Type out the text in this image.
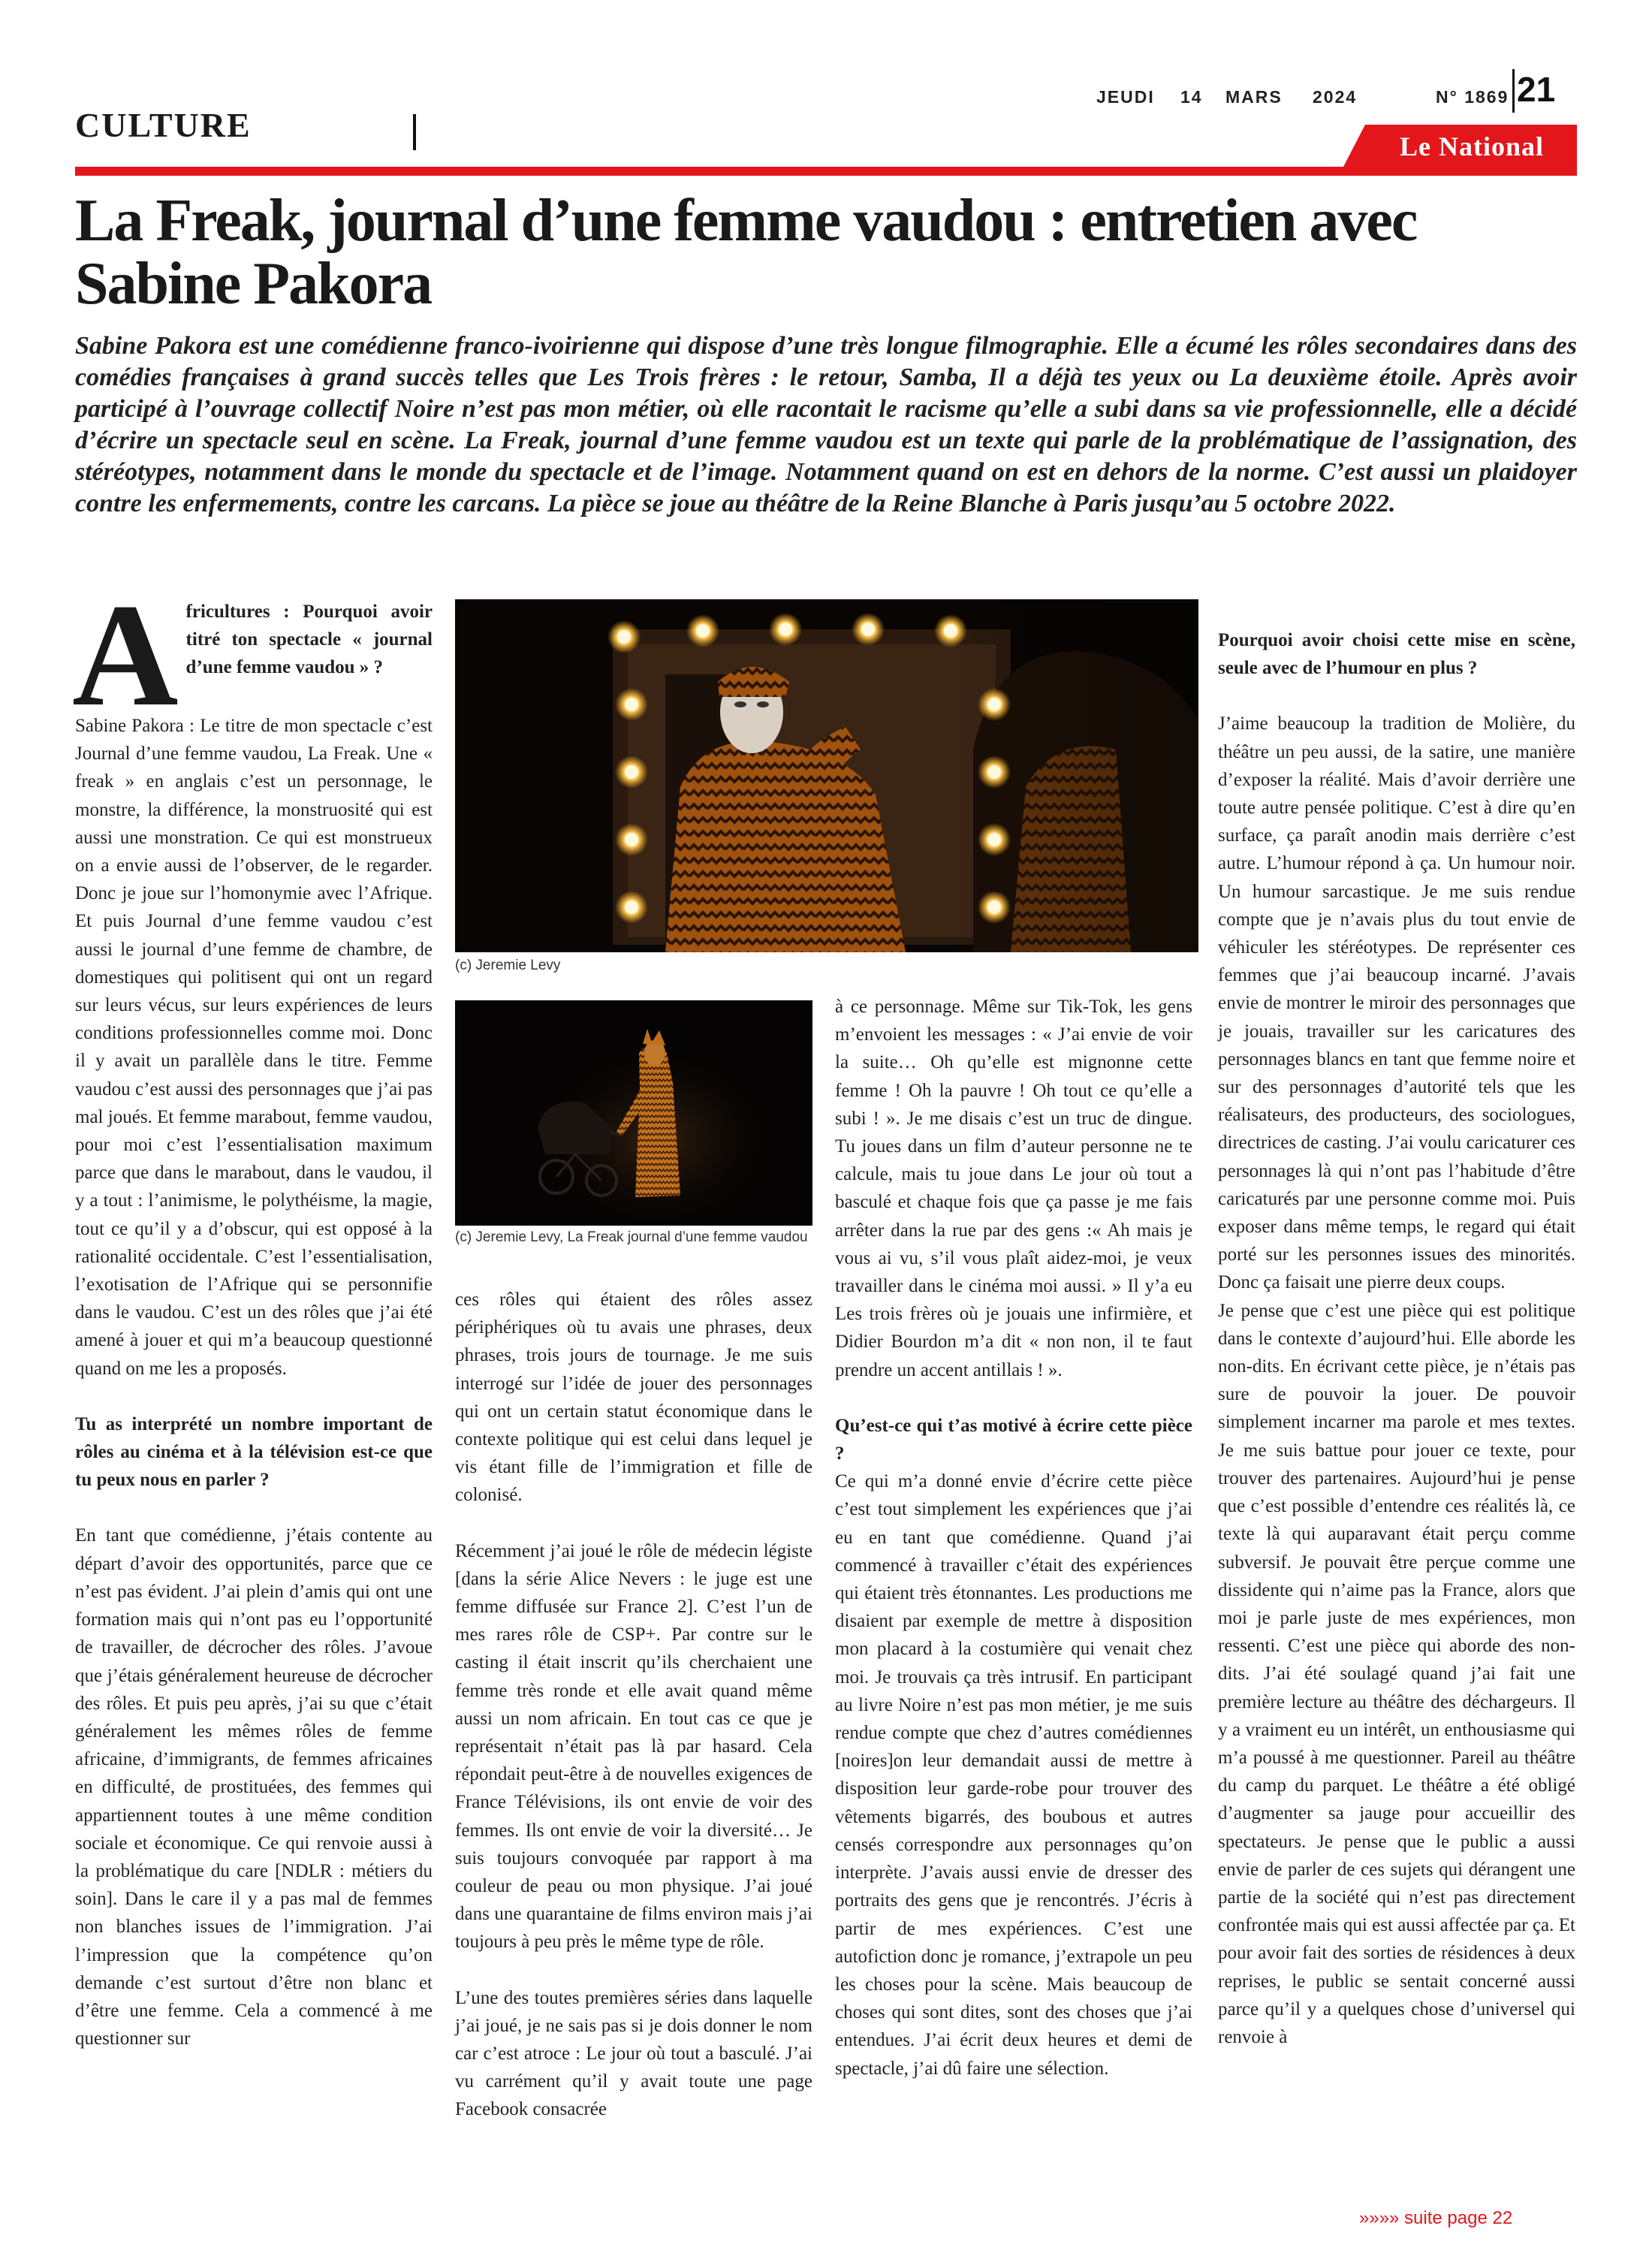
JEUDI 14 MARS 2024	N° 1869 21
CULTURE
Le National
La Freak, journal d’une femme vaudou : entretien avec Sabine Pakora

Sabine Pakora est une comédienne franco-ivoirienne qui dispose d’une très longue filmographie. Elle a écumé les rôles secondaires dans des comédies françaises à grand succès telles que Les Trois frères : le retour, Samba, Il a déjà tes yeux ou La deuxième étoile. Après avoir participé à l’ouvrage collectif Noire n’est pas mon métier, où elle racontait le racisme qu’elle a subi dans sa vie professionnelle, elle a décidé d’écrire un spectacle seul en scène. La Freak, journal d’une femme vaudou est un texte qui parle de la problématique de l’assignation, des stéréotypes, notamment dans le monde du spectacle et de l’image. Notamment quand on est en dehors de la norme. C’est aussi un plaidoyer contre les enfermements, contre les carcans. La pièce se joue au théâtre de la Reine Blanche à Paris jusqu’au 5 octobre 2022.

A fricultures : Pourquoi avoir titré ton spectacle « journal d’une femme vaudou » ?

Sabine Pakora : Le titre de mon spectacle c’est Journal d’une femme vaudou, La Freak. Une « freak » en anglais c’est un personnage, le monstre, la différence, la monstruosité qui est aussi une monstration. Ce qui est monstrueux on a envie aussi de l’observer, de le regarder. Donc je joue sur l’homonymie avec l’Afrique. Et puis Journal d’une femme vaudou c’est aussi le journal d’une femme de chambre, de domestiques qui politisent qui ont un regard sur leurs vécus, sur leurs expériences de leurs conditions professionnelles comme moi. Donc il y avait un parallèle dans le titre. Femme vaudou c’est aussi des personnages que j’ai pas mal joués. Et femme marabout, femme vaudou, pour moi c’est l’essentialisation maximum parce que dans le marabout, dans le vaudou, il y a tout : l’animisme, le polythéisme, la magie, tout ce qu’il y a d’obscur, qui est opposé à la rationalité occidentale. C’est l’essentialisation, l’exotisation de l’Afrique qui se personnifie dans le vaudou. C’est un des rôles que j’ai été amené à jouer et qui m’a beaucoup questionné quand on me les a proposés.

Tu as interprété un nombre important de rôles au cinéma et à la télévision est-ce que tu peux nous en parler ?

En tant que comédienne, j’étais contente au départ d’avoir des opportunités, parce que ce n’est pas évident. J’ai plein d’amis qui ont une formation mais qui n’ont pas eu l’opportunité de travailler, de décrocher des rôles. J’avoue que j’étais généralement heureuse de décrocher des rôles. Et puis peu après, j’ai su que c’était généralement les mêmes rôles de femme africaine, d’immigrants, de femmes africaines en difficulté, de prostituées, des femmes qui appartiennent toutes à une même condition sociale et économique. Ce qui renvoie aussi à la problématique du care [NDLR : métiers du soin]. Dans le care il y a pas mal de femmes non blanches issues de l’immigration. J’ai l’impression que la compétence qu’on demande c’est surtout d’être non blanc et d’être une femme. Cela a commencé à me questionner sur

(c) Jeremie Levy
(c) Jeremie Levy, La Freak journal d’une femme vaudou

ces rôles qui étaient des rôles assez périphériques où tu avais une phrases, deux phrases, trois jours de tournage. Je me suis interrogé sur l’idée de jouer des personnages qui ont un certain statut économique dans le contexte politique qui est celui dans lequel je vis étant fille de l’immigration et fille de colonisé.

Récemment j’ai joué le rôle de médecin légiste [dans la série Alice Nevers : le juge est une femme diffusée sur France 2]. C’est l’un de mes rares rôle de CSP+. Par contre sur le casting il était inscrit qu’ils cherchaient une femme très ronde et elle avait quand même aussi un nom africain. En tout cas ce que je représentait n’était pas là par hasard. Cela répondait peut-être à de nouvelles exigences de France Télévisions, ils ont envie de voir des femmes. Ils ont envie de voir la diversité… Je suis toujours convoquée par rapport à ma couleur de peau ou mon physique. J’ai joué dans une quarantaine de films environ mais j’ai toujours à peu près le même type de rôle.

L’une des toutes premières séries dans laquelle j’ai joué, je ne sais pas si je dois donner le nom car c’est atroce : Le jour où tout a basculé. J’ai vu carrément qu’il y avait toute une page Facebook consacrée

à ce personnage. Même sur Tik-Tok, les gens m’envoient les messages : « J’ai envie de voir la suite… Oh qu’elle est mignonne cette femme ! Oh la pauvre ! Oh tout ce qu’elle a subi ! ». Je me disais c’est un truc de dingue. Tu joues dans un film d’auteur personne ne te calcule, mais tu joue dans Le jour où tout a basculé et chaque fois que ça passe je me fais arrêter dans la rue par des gens :« Ah mais je vous ai vu, s’il vous plaît aidez-moi, je veux travailler dans le cinéma moi aussi. » Il y’a eu Les trois frères où je jouais une infirmière, et Didier Bourdon m’a dit « non non, il te faut prendre un accent antillais ! ».

Qu’est-ce qui t’as motivé à écrire cette pièce ?

Ce qui m’a donné envie d’écrire cette pièce c’est tout simplement les expériences que j’ai eu en tant que comédienne. Quand j’ai commencé à travailler c’était des expériences qui étaient très étonnantes. Les productions me disaient par exemple de mettre à disposition mon placard à la costumière qui venait chez moi. Je trouvais ça très intrusif. En participant au livre Noire n’est pas mon métier, je me suis rendue compte que chez d’autres comédiennes [noires]on leur demandait aussi de mettre à disposition leur garde-robe pour trouver des vêtements bigarrés, des boubous et autres censés correspondre aux personnages qu’on interprète. J’avais aussi envie de dresser des portraits des gens que je rencontrés. J’écris à partir de mes expériences. C’est une autofiction donc je romance, j’extrapole un peu les choses pour la scène. Mais beaucoup de choses qui sont dites, sont des choses que j’ai entendues. J’ai écrit deux heures et demi de spectacle, j’ai dû faire une sélection.

Pourquoi avoir choisi cette mise en scène, seule avec de l’humour en plus ?

J’aime beaucoup la tradition de Molière, du théâtre un peu aussi, de la satire, une manière d’exposer la réalité. Mais d’avoir derrière une toute autre pensée politique. C’est à dire qu’en surface, ça paraît anodin mais derrière c’est autre. L’humour répond à ça. Un humour noir. Un humour sarcastique. Je me suis rendue compte que je n’avais plus du tout envie de véhiculer les stéréotypes. De représenter ces femmes que j’ai beaucoup incarné. J’avais envie de montrer le miroir des personnages que je jouais, travailler sur les caricatures des personnages blancs en tant que femme noire et sur des personnages d’autorité tels que les réalisateurs, des producteurs, des sociologues, directrices de casting. J’ai voulu caricaturer ces personnages là qui n’ont pas l’habitude d’être caricaturés par une personne comme moi. Puis exposer dans même temps, le regard qui était porté sur les personnes issues des minorités. Donc ça faisait une pierre deux coups.

Je pense que c’est une pièce qui est politique dans le contexte d’aujourd’hui. Elle aborde les non-dits. En écrivant cette pièce, je n’étais pas sure de pouvoir la jouer. De pouvoir simplement incarner ma parole et mes textes. Je me suis battue pour jouer ce texte, pour trouver des partenaires. Aujourd’hui je pense que c’est possible d’entendre ces réalités là, ce texte là qui auparavant était perçu comme subversif. Je pouvait être perçue comme une dissidente qui n’aime pas la France, alors que moi je parle juste de mes expériences, mon ressenti. C’est une pièce qui aborde des non-dits. J’ai été soulagé quand j’ai fait une première lecture au théâtre des déchargeurs. Il y a vraiment eu un intérêt, un enthousiasme qui m’a poussé à me questionner. Pareil au théâtre du camp du parquet. Le théâtre a été obligé d’augmenter sa jauge pour accueillir des spectateurs. Je pense que le public a aussi envie de parler de ces sujets qui dérangent une partie de la société qui n’est pas directement confrontée mais qui est aussi affectée par ça. Et pour avoir fait des sorties de résidences à deux reprises, le public se sentait concerné aussi parce qu’il y a quelques chose d’universel qui renvoie à

»»»» suite page 22
